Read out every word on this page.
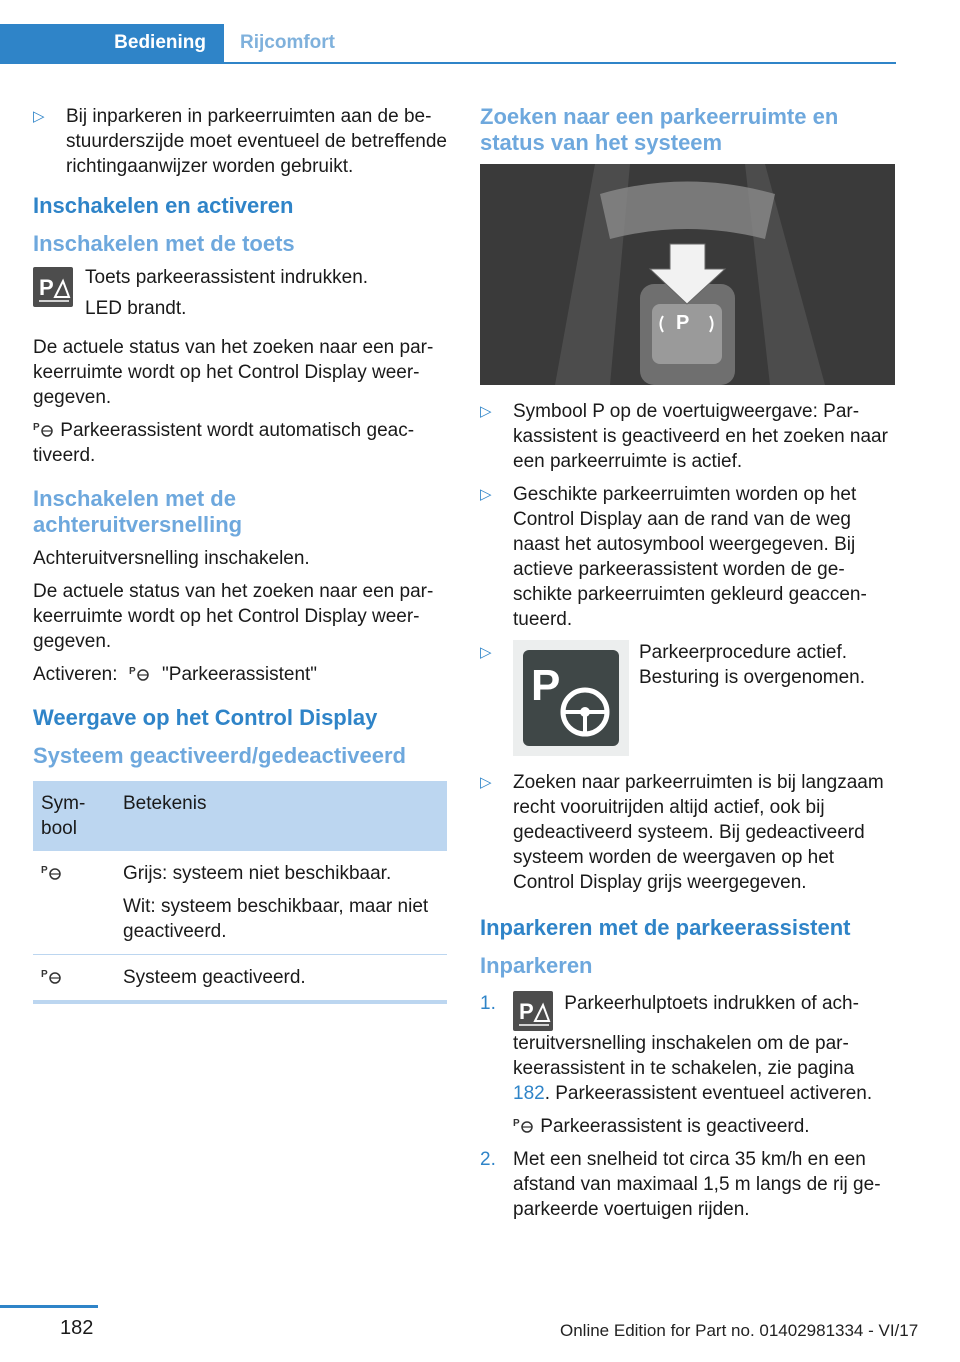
Bediening	Rijcomfort
▷ Bij inparkeren in parkeerruimten aan de bestuurderszijde moet eventueel de betreffende richtingaanwijzer worden gebruikt.
Inschakelen en activeren
Inschakelen met de toets
P Toets parkeerassistent indrukken.

LED brandt.

De actuele status van het zoeken naar een parkeerruimte wordt op het Control Display weergegeven.

P Parkeerassistent wordt automatisch geactiveerd.

Inschakelen met de achteruitversnelling

Achteruitversnelling inschakelen.

De actuele status van het zoeken naar een parkeerruimte wordt op het Control Display weergegeven.

Activeren: P "Parkeerassistent"

Weergave op het Control Display
Systeem geactiveerd/gedeactiveerd
Symbool	Betekenis

P	Grijs: systeem niet beschikbaar.

Wit: systeem beschikbaar, maar niet geactiveerd.

P	Systeem geactiveerd.
Zoeken naar een parkeerruimte en status van het systeem
P
▷ Symbool P op de voertuigweergave: Parkassistent is geactiveerd en het zoeken naar een parkeerruimte is actief.
▷ Geschikte parkeerruimten worden op het Control Display aan de rand van de weg naast het autosymbool weergegeven. Bij actieve parkeerassistent worden de geschikte parkeerruimten gekleurd geaccentueerd.
▷
P
Parkeerprocedure actief. Besturing is overgenomen.
▷ Zoeken naar parkeerruimten is bij langzaam recht vooruitrijden altijd actief, ook bij gedeactiveerd systeem. Bij gedeactiveerd systeem worden de weergaven op het Control Display grijs weergegeven.
Inparkeren met de parkeerassistent
Inparkeren
1. P Parkeerhulptoets indrukken of achteruitversnelling inschakelen om de parkeerassistent in te schakelen, zie pagina 182. Parkeerassistent eventueel activeren.

P Parkeerassistent is geactiveerd.

2. Met een snelheid tot circa 35 km/h en een afstand van maximaal 1,5 m langs de rij geparkeerde voertuigen rijden.
182	Online Edition for Part no. 01402981334 - VI/17
